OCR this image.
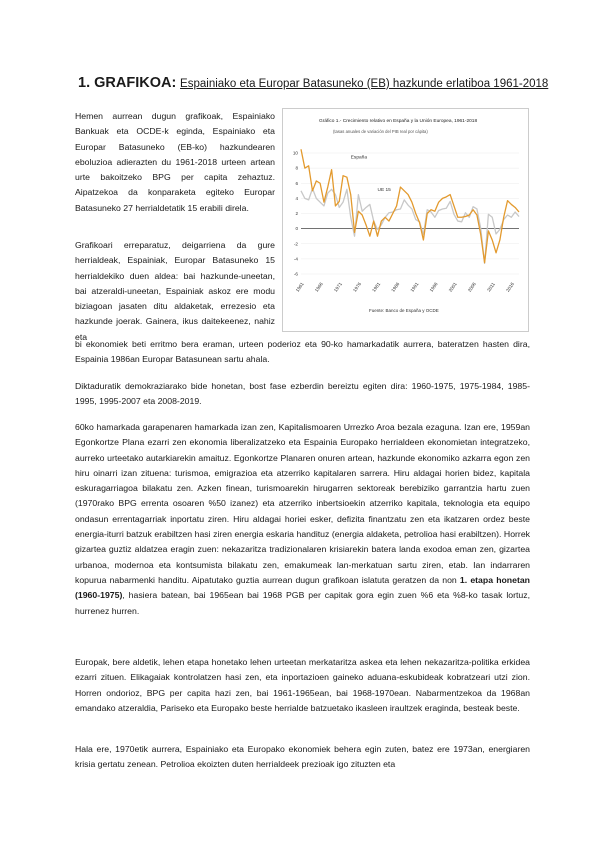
1. GRAFIKOA: Espainiako eta Europar Batasuneko (EB) hazkunde erlatiboa 1961-2018

Hemen aurrean dugun grafikoak, Espainiako Bankuak eta OCDE-k eginda, Espainiako eta Europar Batasuneko (EB-ko) hazkundearen eboluzioa adierazten du 1961-2018 urteen artean urte bakoitzeko BPG per capita zehaztuz. Aipatzekoa da konparaketa egiteko Europar Batasuneko 27 herrialdetatik 15 erabili direla.

Grafikoari erreparatuz, deigarriena da gure herrialdeak, Espainiak, Europar Batasuneko 15 herrialdekiko duen aldea: bai hazkunde-uneetan, bai atzeraldi-uneetan, Espainiak askoz ere modu biziagoan jasaten ditu aldaketak, errezesio eta hazkunde joerak. Gainera, ikus daitekeenez, nahiz eta

bi ekonomiek beti erritmo bera eraman, urteen poderioz eta 90-ko hamarkadatik aurrera, bateratzen hasten dira, Espainia 1986an Europar Batasunean sartu ahala.

Diktaduratik demokraziarako bide honetan, bost fase ezberdin bereiztu egiten dira: 1960-1975, 1975-1984, 1985-1995, 1995-2007 eta 2008-2019.

60ko hamarkada garapenaren hamarkada izan zen, Kapitalismoaren Urrezko Aroa bezala ezaguna. Izan ere, 1959an Egonkortze Plana ezarri zen ekonomia liberalizatzeko eta Espainia Europako herrialdeen ekonomietan integratzeko, aurreko urteetako autarkiarekin amaituz. Egonkortze Planaren onuren artean, hazkunde ekonomiko azkarra egon zen hiru oinarri izan zituena: turismoa, emigrazioa eta atzerriko kapitalaren sarrera. Hiru aldagai horien bidez, kapitala eskuragarriagoa bilakatu zen. Azken finean, turismoarekin hirugarren sektoreak berebiziko garrantzia hartu zuen (1970rako BPG errenta osoaren %50 izanez) eta atzerriko inbertsioekin atzerriko kapitala, teknologia eta equipo ondasun errentagarriak inportatu ziren. Hiru aldagai horiei esker, defizita finantzatu zen eta ikatzaren ordez beste energia-iturri batzuk erabiltzen hasi ziren energia eskaria handituz (energia aldaketa, petrolioa hasi erabiltzen). Horrek gizartea guztiz aldatzea eragin zuen: nekazaritza tradizionalaren krisiarekin batera landa exodoa eman zen, gizartea urbanoa, modernoa eta kontsumista bilakatu zen, emakumeak lan-merkatuan sartu ziren, etab. Ian indarraren kopurua nabarmenki handitu. Aipatutako guztia aurrean dugun grafikoan islatuta geratzen da non 1. etapa honetan (1960-1975), hasiera batean, bai 1965ean bai 1968 PGB per capitak gora egin zuen %6 eta %8-ko tasak lortuz, hurrenez hurren.

Europak, bere aldetik, lehen etapa honetako lehen urteetan merkataritza askea eta lehen nekazaritza-politika erkidea ezarri zituen. Elikagaiak kontrolatzen hasi zen, eta inportazioen gaineko aduana-eskubideak kobratzeari utzi zion. Horren ondorioz, BPG per capita hazi zen, bai 1961-1965ean, bai 1968-1970ean. Nabarmentzekoa da 1968an emandako atzeraldia, Pariseko eta Europako beste herrialde batzuetako ikasleen iraultzek eraginda, besteak beste.

Hala ere, 1970etik aurrera, Espainiako eta Europako ekonomiek behera egin zuten, batez ere 1973an, energiaren krisia gertatu zenean. Petrolioa ekoizten duten herrialdeek prezioak igo zituzten eta

Gráfico 1.- Crecimiento relativo en España y la Unión Europea, 1961-2018
(tasas anuales de variación del PIB real por cápita)
Fuente: Banco de España y OCDE
10
8
6
4
2
0
-2
-4
-6
1961 1966 1971 1976 1981 1986 1991 1996 2001 2006 2011 2016
España
UE 15
